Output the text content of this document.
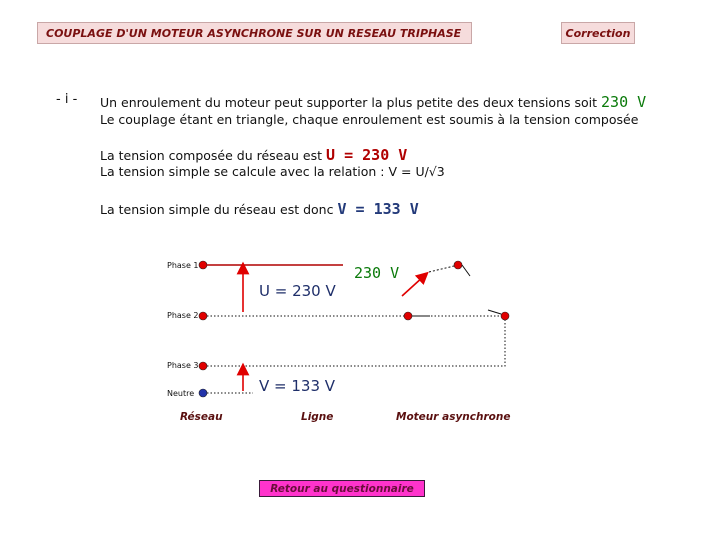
COUPLAGE D'UN MOTEUR ASYNCHRONE SUR UN RESEAU TRIPHASE	Correction
- i - Un enroulement du moteur peut supporter la plus petite des deux tensions soit 230 V
Le couplage étant en triangle, chaque enroulement est soumis à la tension composée
La tension composée du réseau est U = 230 V
La tension simple se calcule avec la relation : V = U/√3
La tension simple du réseau est donc V = 133 V
Phase 1
Phase 2
Phase 3
Neutre
U = 230 V
230 V
V = 133 V
Réseau	Ligne	Moteur asynchrone
Retour au questionnaire
